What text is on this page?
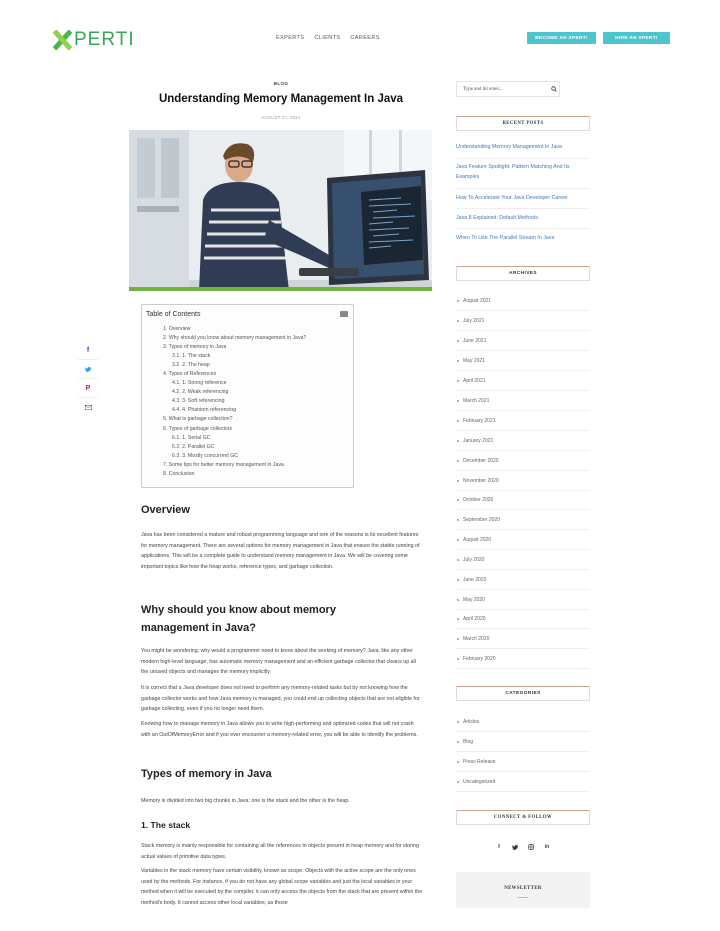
PERTI	EXPERTS CLIENTS CAREERS	BECOME AN XPERT!	HIRE AN XPERT!
BLOG
Understanding Memory Management In Java
AUGUST 27, 2021
f
P
Table of Contents
1. Overview
2. Why should you know about memory management in Java?
3. Types of memory in Java
3.1. 1. The stack
3.2. 2. The heap
4. Types of References
4.1. 1. Strong reference
4.2. 2. Weak referencing
4.3. 3. Soft referencing
4.4. 4. Phantom referencing
5. What is garbage collection?
6. Types of garbage collectors
6.1. 1. Serial GC
6.2. 2. Parallel GC
6.3. 3. Mostly concurrent GC
7. Some tips for better memory management in Java
8. Conclusion
Overview

Java has been considered a mature and robust programming language and one of the reasons is its excellent features for memory management. There are several options for memory management in Java that ensure the stable running of applications. This will be a complete guide to understand memory management in Java. We will be covering some important topics like how the heap works, reference types, and garbage collection.

Why should you know about memory management in Java?

You might be wondering, why would a programmer need to know about the working of memory? Java, like any other modern high-level language, has automatic memory management and an efficient garbage collector that cleans up all the unused objects and manages the memory implicitly.

It is correct that a Java developer does not need to perform any memory-related tasks but by not knowing how the garbage collector works and how Java memory is managed, you could end up collecting objects that are not eligible for garbage collecting, even if you no longer need them.

Knowing how to manage memory in Java allows you to write high-performing and optimized codes that will not crash with an OutOfMemoryError and if you ever encounter a memory-related error, you will be able to identify the problems.

Types of memory in Java

Memory is divided into two big chunks in Java; one is the stack and the other is the heap.

1. The stack

Stack memory is mainly responsible for containing all the references to objects present in heap memory and for storing actual values of primitive data types.

Variables in the stack memory have certain visibility, known as scope. Objects with the active scope are the only ones used by the methods. For instance, if you do not have any global scope variables and just the local variables in your method when it will be executed by the compiler, it can only access the objects from the stack that are present within the method's body. It cannot access other local variables, as those

Type and hit enter...
RECENT POSTS
Understanding Memory Management In Java
Java Feature Spotlight: Pattern Matching And Its Examples
How To Accelerate Your Java Developer Career
Java 8 Explained: Default Methods
When To Use The Parallel Stream In Java
ARCHIVES
August 2021
July 2021
June 2021
May 2021
April 2021
March 2021
February 2021
January 2021
December 2020
November 2020
October 2020
September 2020
August 2020
July 2020
June 2020
May 2020
April 2020
March 2020
February 2020
CATEGORIES
Articles
Blog
Press Release
Uncategorized
CONNECT & FOLLOW
f	in
NEWSLETTER
